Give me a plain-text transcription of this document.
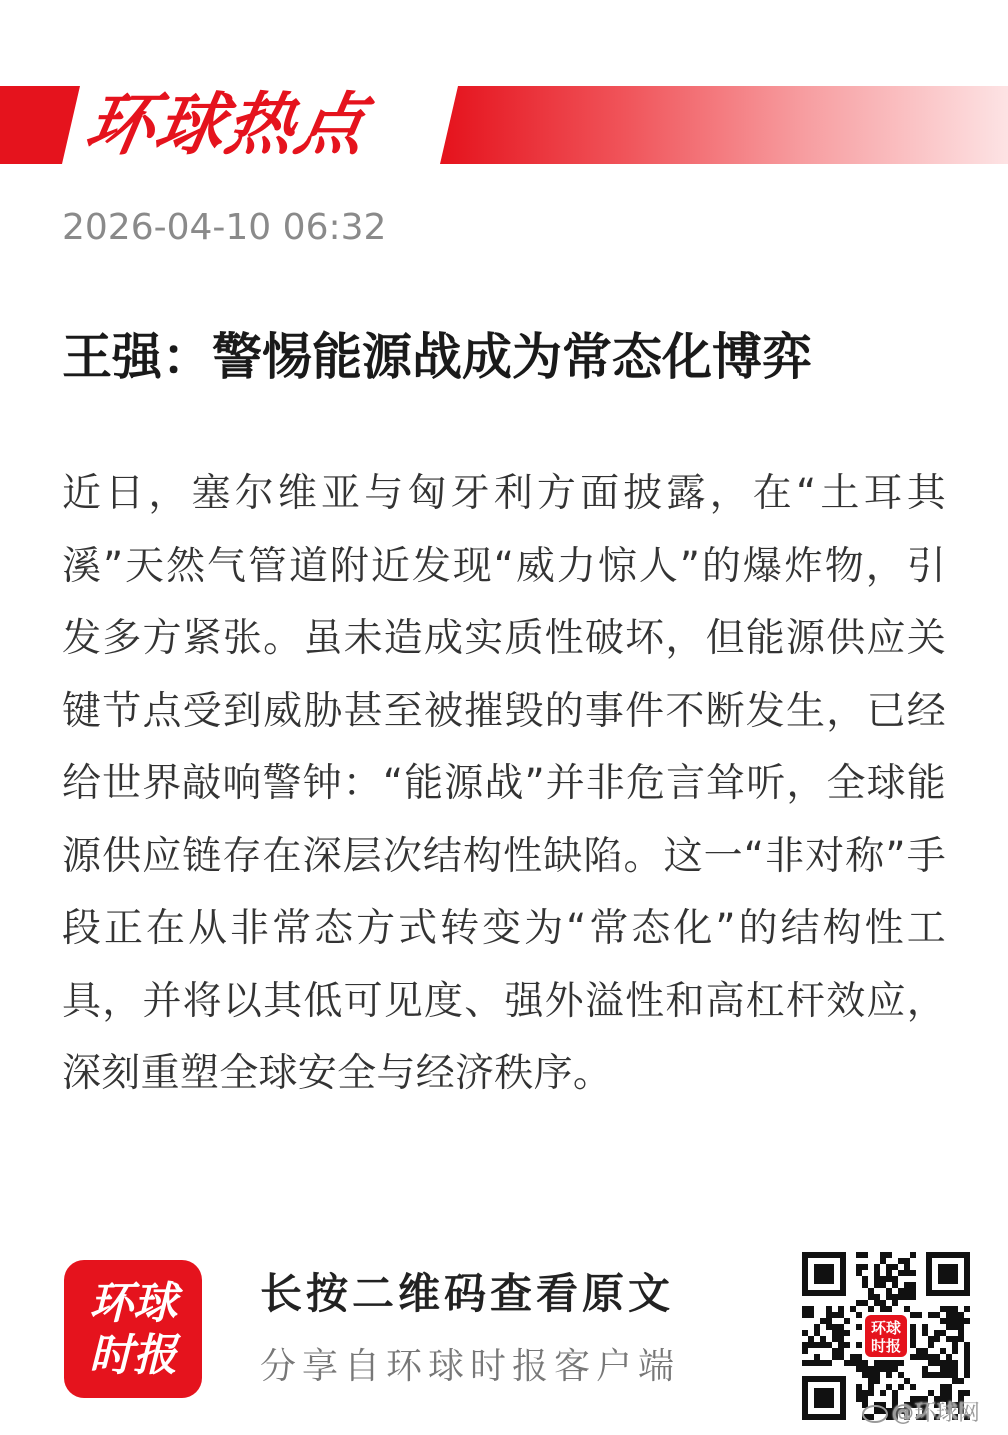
环球热点
2026-04-10 06:32
王强：警惕能源战成为常态化博弈
近日，塞尔维亚与匈牙利方面披露，在“土耳其溪”天然气管道附近发现“威力惊人”的爆炸物，引发多方紧张。虽未造成实质性破坏，但能源供应关键节点受到威胁甚至被摧毁的事件不断发生，已经给世界敲响警钟：“能源战”并非危言耸听，全球能源供应链存在深层次结构性缺陷。这一“非对称”手段正在从非常态方式转变为“常态化”的结构性工具，并将以其低可见度、强外溢性和高杠杆效应，深刻重塑全球安全与经济秩序。
环球
时报
长按二维码查看原文
分享自环球时报客户端
环球
时报
@环球网
